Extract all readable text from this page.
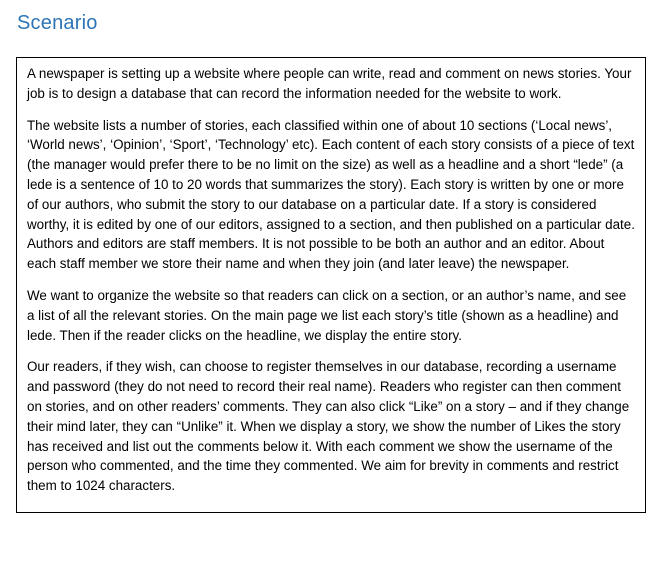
Scenario

A newspaper is setting up a website where people can write, read and comment on news stories. Your job is to design a database that can record the information needed for the website to work.

The website lists a number of stories, each classified within one of about 10 sections (‘Local news’, ‘World news’, ‘Opinion’, ‘Sport’, ‘Technology’ etc). Each content of each story consists of a piece of text (the manager would prefer there to be no limit on the size) as well as a headline and a short “lede” (a lede is a sentence of 10 to 20 words that summarizes the story). Each story is written by one or more of our authors, who submit the story to our database on a particular date. If a story is considered worthy, it is edited by one of our editors, assigned to a section, and then published on a particular date. Authors and editors are staff members. It is not possible to be both an author and an editor. About each staff member we store their name and when they join (and later leave) the newspaper.

We want to organize the website so that readers can click on a section, or an author’s name, and see a list of all the relevant stories. On the main page we list each story’s title (shown as a headline) and lede. Then if the reader clicks on the headline, we display the entire story.

Our readers, if they wish, can choose to register themselves in our database, recording a username and password (they do not need to record their real name). Readers who register can then comment on stories, and on other readers’ comments. They can also click “Like” on a story – and if they change their mind later, they can “Unlike” it. When we display a story, we show the number of Likes the story has received and list out the comments below it. With each comment we show the username of the person who commented, and the time they commented. We aim for brevity in comments and restrict them to 1024 characters.
